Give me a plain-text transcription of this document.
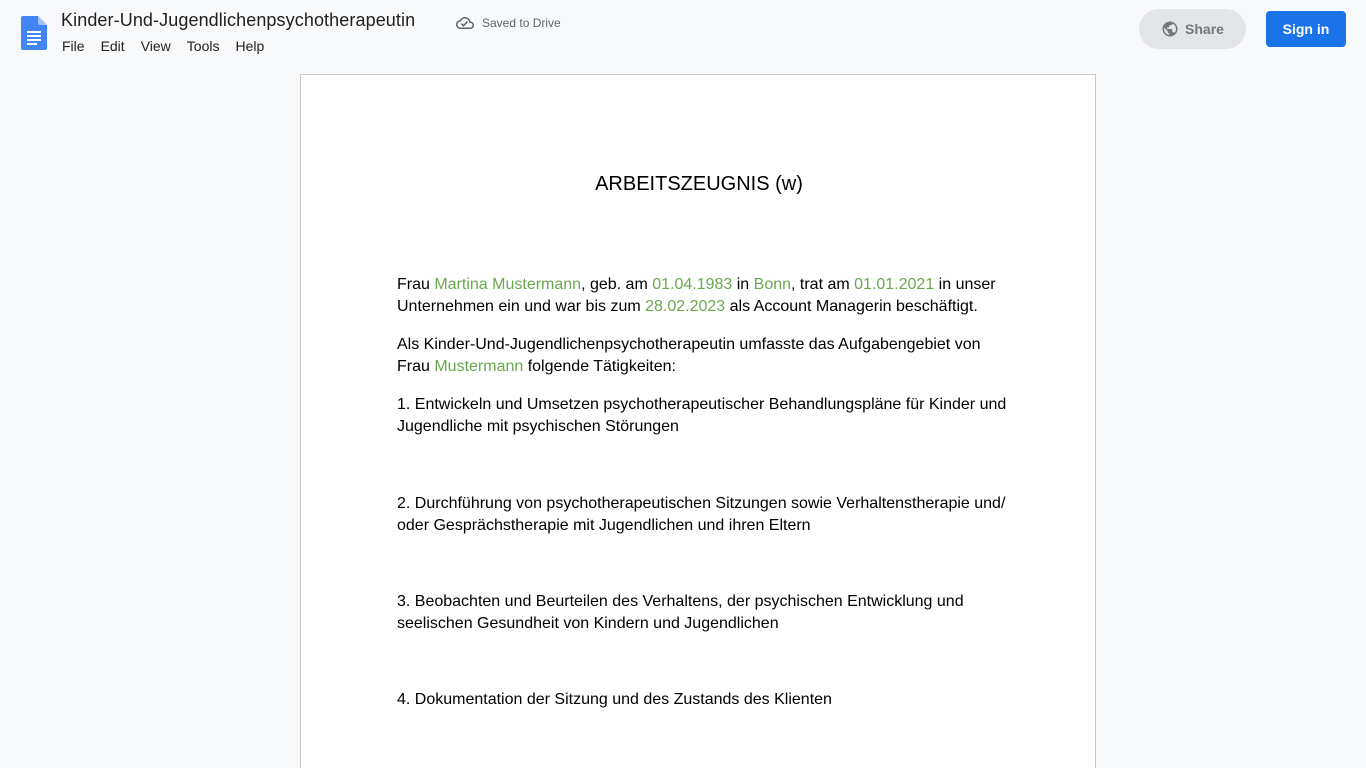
Kinder-Und-Jugendlichenpsychotherapeutin	Saved to Drive
File	Edit	View	Tools	Help
Share	Sign in
ARBEITSZEUGNIS (w)

Frau Martina Mustermann, geb. am 01.04.1983 in Bonn, trat am 01.01.2021 in unser Unternehmen ein und war bis zum 28.02.2023 als Account Managerin beschäftigt.

Als Kinder-Und-Jugendlichenpsychotherapeutin umfasste das Aufgabengebiet von Frau Mustermann folgende Tätigkeiten:

1. Entwickeln und Umsetzen psychotherapeutischer Behandlungspläne für Kinder und Jugendliche mit psychischen Störungen

2. Durchführung von psychotherapeutischen Sitzungen sowie Verhaltenstherapie und/ oder Gesprächstherapie mit Jugendlichen und ihren Eltern

3. Beobachten und Beurteilen des Verhaltens, der psychischen Entwicklung und seelischen Gesundheit von Kindern und Jugendlichen

4. Dokumentation der Sitzung und des Zustands des Klienten
